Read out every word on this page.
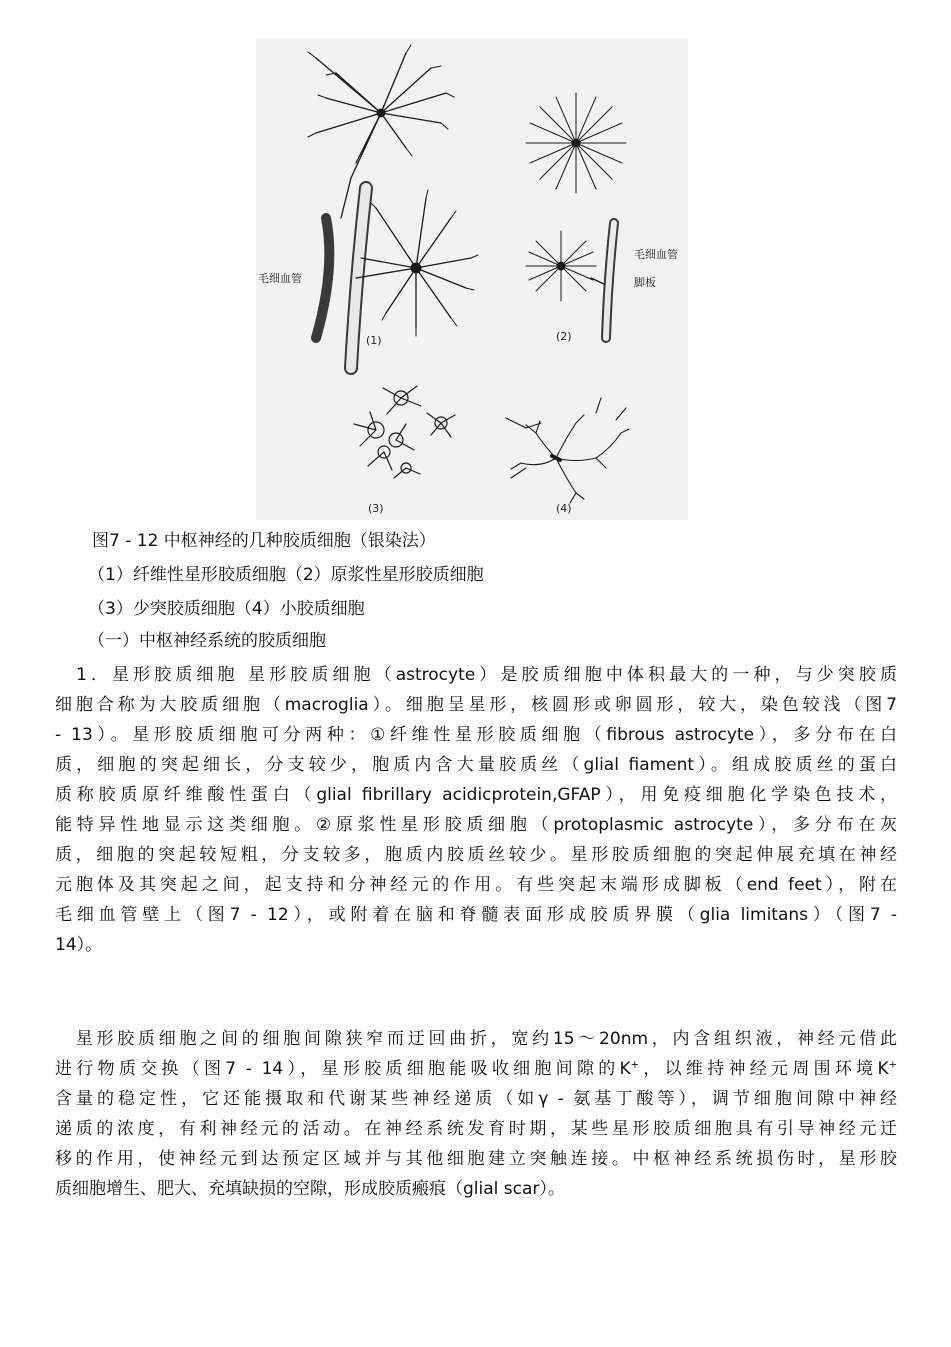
毛细血管
毛细血管
脚板
(1)	(2)
(3)	(4)
图7 - 12 中枢神经的几种胶质细胞（银染法）
（1）纤维性星形胶质细胞（2）原浆性星形胶质细胞
（3）少突胶质细胞（4）小胶质细胞
（一）中枢神经系统的胶质细胞
　1．星形胶质细胞 星形胶质细胞（astrocyte）是胶质细胞中体积最大的一种，与少突胶质
细胞合称为大胶质细胞（macroglia）。细胞呈星形，核圆形或卵圆形，较大，染色较浅（图7
- 13）。星形胶质细胞可分两种：①纤维性星形胶质细胞（fibrous astrocyte），多分布在白
质，细胞的突起细长，分支较少，胞质内含大量胶质丝（glial fiament）。组成胶质丝的蛋白
质称胶质原纤维酸性蛋白（glial fibrillary acidicprotein,GFAP），用免疫细胞化学染色技术，
能特异性地显示这类细胞。②原浆性星形胶质细胞（protoplasmic astrocyte），多分布在灰
质，细胞的突起较短粗，分支较多，胞质内胶质丝较少。星形胶质细胞的突起伸展充填在神经
元胞体及其突起之间，起支持和分神经元的作用。有些突起末端形成脚板（end feet），附在
毛细血管壁上（图7 - 12），或附着在脑和脊髓表面形成胶质界膜（glia limitans）（图7 -
14）。
　星形胶质细胞之间的细胞间隙狭窄而迂回曲折，宽约15～20nm，内含组织液，神经元借此
进行物质交换（图7 - 14），星形胶质细胞能吸收细胞间隙的K+，以维持神经元周围环境K+
含量的稳定性，它还能摄取和代谢某些神经递质（如γ - 氨基丁酸等），调节细胞间隙中神经
递质的浓度，有利神经元的活动。在神经系统发育时期，某些星形胶质细胞具有引导神经元迁
移的作用，使神经元到达预定区域并与其他细胞建立突触连接。中枢神经系统损伤时，星形胶
质细胞增生、肥大、充填缺损的空隙，形成胶质瘢痕（glial scar）。
